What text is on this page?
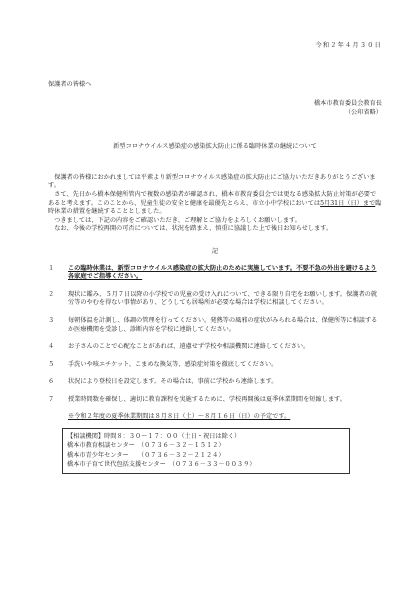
令和２年４月３０日
保護者の皆様へ
橋本市教育委員会教育長
（公印省略）
新型コロナウイルス感染症の感染拡大防止に係る臨時休業の継続について

保護者の皆様におかれましては平素より新型コロナウイルス感染症の拡大防止にご協力いただきありがとうございます。

さて、先日から橋本保健所管内で複数の感染者が確認され、橋本市教育委員会では更なる感染拡大防止対策が必要であると考えます。このことから、児童生徒の安全と健康を最優先とらえ、市立小中学校においては5月31日（日）まで臨時休業の措置を継続することとしました。

つきましては、下記の内容をご確認いただき、ご理解とご協力をよろしくお願いします。

なお、今後の学校再開の可否については、状況を踏まえ、慎重に協議した上で後日お知らせします。

記
１	この臨時休業は、新型コロナウイルス感染症の拡大防止のために実施しています。不要不急の外出を避けるよう各家庭でご指導ください。
２	現状に鑑み、５月７日以降の小学校での児童の受け入れについて、できる限り自宅をお願いします。保護者の就労等のやむを得ない事情があり、どうしても居場所が必要な場合は学校に相談してください。
３	毎朝体温を計測し、体調の管理を行ってください。発熱等の風邪の症状がみられる場合は、保健所等に相談するか医療機関を受診し、診断内容を学校に連絡してください。
４	お子さんのことで心配なことがあれば、遠慮せず学校や相談機関に連絡してください。
５	手洗いや咳エチケット、こまめな換気等、感染症対策を徹底してください。
６	状況により登校日を設定します。その場合は、事前に学校から連絡します。
７	授業時間数を確保し、適切に教育課程を実施するために、学校再開後は夏季休業期間を短縮します。
※令和２年度の夏季休業期間は８月８日（土）～８月１６日（日）の予定です。
【相談機関】時間８：３０～１７：００（土日・祝日は除く）
橋本市教育相談センター　（０７３６－３２－１５１２）
橋本市青少年センター　　（０７３６－３２－２１２４）
橋本市子育て世代包括支援センター　（０７３６－３３－００３９）
